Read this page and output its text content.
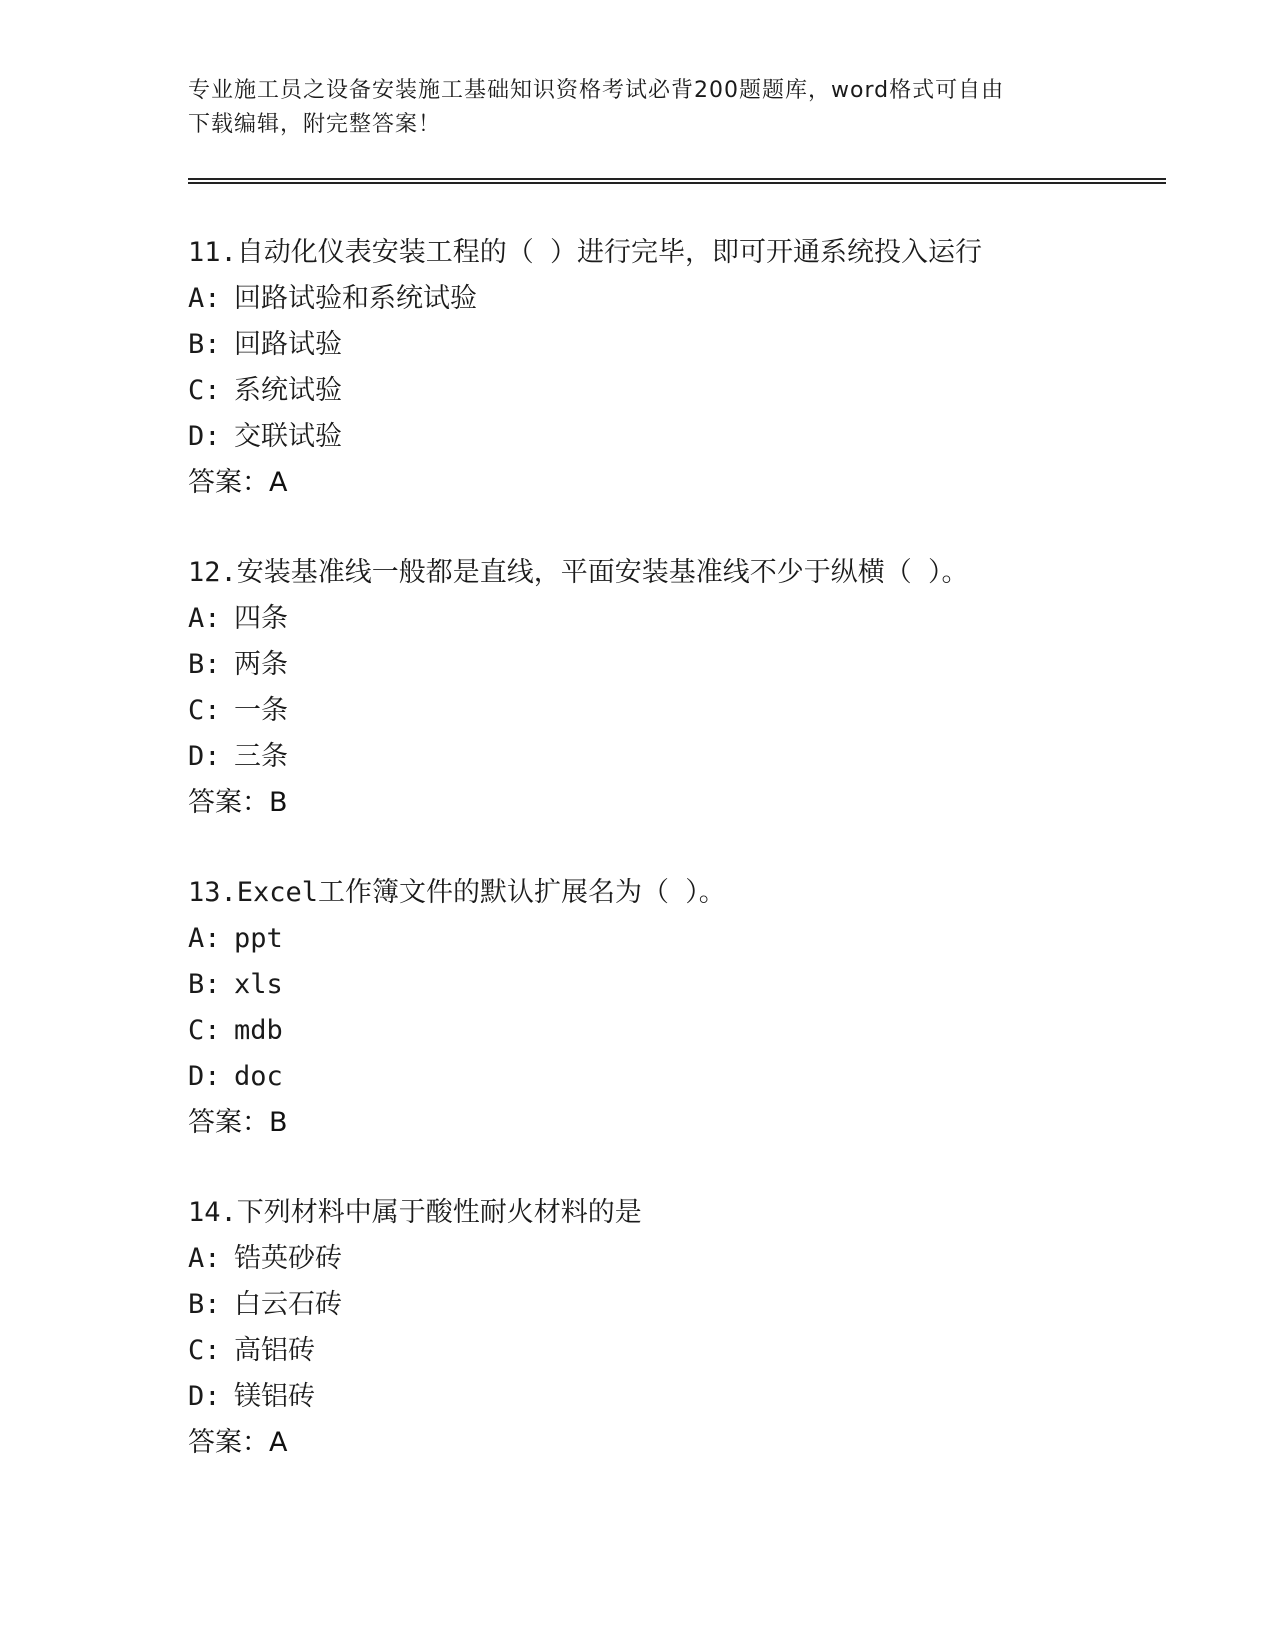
专业施工员之设备安装施工基础知识资格考试必背200题题库，word格式可自由
下载编辑，附完整答案！
11.自动化仪表安装工程的（ ）进行完毕，即可开通系统投入运行
A: 回路试验和系统试验
B: 回路试验
C: 系统试验
D: 交联试验
答案：A
12.安装基准线一般都是直线，平面安装基准线不少于纵横（ ）。
A: 四条
B: 两条
C: 一条
D: 三条
答案：B
13.Excel工作簿文件的默认扩展名为（ ）。
A: ppt
B: xls
C: mdb
D: doc
答案：B
14.下列材料中属于酸性耐火材料的是
A: 锆英砂砖
B: 白云石砖
C: 高铝砖
D: 镁铝砖
答案：A
